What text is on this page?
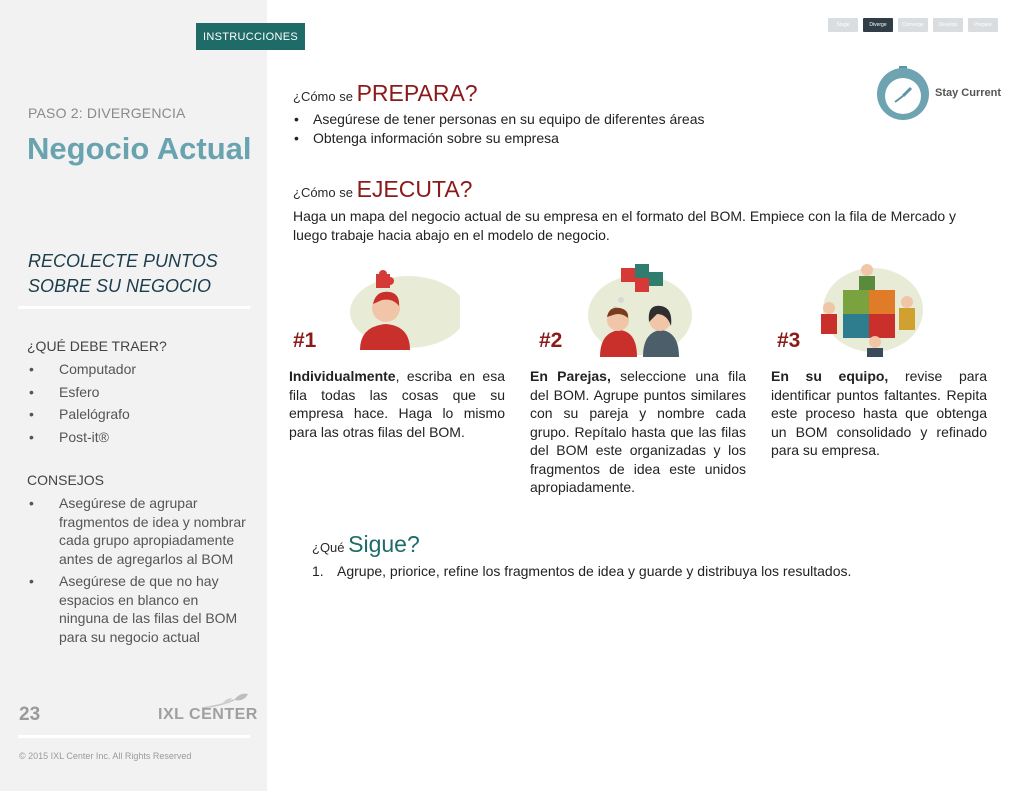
PASO 2: DIVERGENCIA
Negocio Actual
RECOLECTE PUNTOS
SOBRE SU NEGOCIO
¿QUÉ DEBE TRAER?
• Computador
• Esfero
• Palelógrafo
• Post-it®
CONSEJOS
• Asegúrese de agrupar fragmentos de idea y nombrar cada grupo apropiadamente antes de agregarlos al BOM
• Asegúrese de que no hay espacios en blanco en ninguna de las filas del BOM para su negocio actual
23	IXL CENTER
© 2015 IXL Center Inc. All Rights Reserved
INSTRUCCIONES
Stage	Diverge	Converge	Develop	Prepare
Stay Current
¿Cómo se PREPARA?
• Asegúrese de tener personas en su equipo de diferentes áreas
• Obtenga información sobre su empresa
¿Cómo se EJECUTA?
Haga un mapa del negocio actual de su empresa en el formato del BOM. Empiece con la fila de Mercado y luego trabaje hacia abajo en el modelo de negocio.
#1	#2	#3
Individualmente, escriba en esa fila todas las cosas que su empresa hace. Haga lo mismo para las otras filas del BOM.
En Parejas, seleccione una fila del BOM. Agrupe puntos similares con su pareja y nombre cada grupo. Repítalo hasta que las filas del BOM este organizadas y los fragmentos de idea este unidos apropiadamente.
En su equipo, revise para identificar puntos faltantes. Repita este proceso hasta que obtenga un BOM consolidado y refinado para su empresa.
¿Qué Sigue?
1. Agrupe, priorice, refine los fragmentos de idea y guarde y distribuya los resultados.
